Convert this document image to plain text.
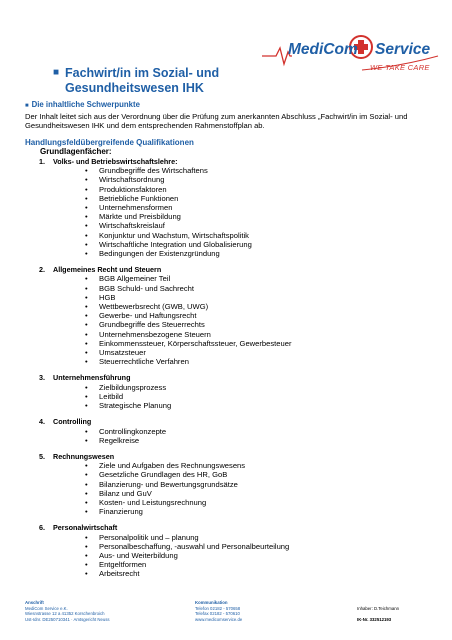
MediCom Service
WE TAKE CARE
■ Fachwirt/in im Sozial- und
Gesundheitswesen IHK
■ Die inhaltliche Schwerpunkte
Der Inhalt leitet sich aus der Verordnung über die Prüfung zum anerkannten Abschluss „Fachwirt/in im Sozial- und Gesundheitswesen IHK und dem entsprechenden Rahmenstoffplan ab.
Handlungsfeldübergreifende Qualifikationen
Grundlagenfächer:
1.	Volks- und Betriebswirtschaftslehre:
• Grundbegriffe des Wirtschaftens
• Wirtschaftsordnung
• Produktionsfaktoren
• Betriebliche Funktionen
• Unternehmensformen
• Märkte und Preisbildung
• Wirtschaftskreislauf
• Konjunktur und Wachstum, Wirtschaftspolitik
• Wirtschaftliche Integration und Globalisierung
• Bedingungen der Existenzgründung
2.	Allgemeines Recht und Steuern
• BGB Allgemeiner Teil
• BGB Schuld- und Sachrecht
• HGB
• Wettbewerbsrecht (GWB, UWG)
• Gewerbe- und Haftungsrecht
• Grundbegriffe des Steuerrechts
• Unternehmensbezogene Steuern
• Einkommenssteuer, Körperschaftssteuer, Gewerbesteuer
• Umsatzsteuer
• Steuerrechtliche Verfahren
3.	Unternehmensführung
• Zielbildungsprozess
• Leitbild
• Strategische Planung
4.	Controlling
• Controllingkonzepte
• Regelkreise
5.	Rechnungswesen
• Ziele und Aufgaben des Rechnungswesens
• Gesetzliche Grundlagen des HR, GoB
• Bilanzierung- und Bewertungsgrundsätze
• Bilanz und GuV
• Kosten- und Leistungsrechnung
• Finanzierung
6.	Personalwirtschaft
• Personalpolitik und – planung
• Personalbeschaffung, -auswahl und Personalbeurteilung
• Aus- und Weiterbildung
• Entgeltformen
• Arbeitsrecht
Anschrift
MediCom Service e.K.
Wiesnstrasse 12 a 41352 Korschenbroich
Ust-Idnr. DE250710341 · Amtsgericht Neuss
Kommunikation
Telefon 02182 - 570658
Telefax 02182 - 570610
www.medicomservice.de
Inhaber: D.Teichmann
IK-Nr. 332512193
